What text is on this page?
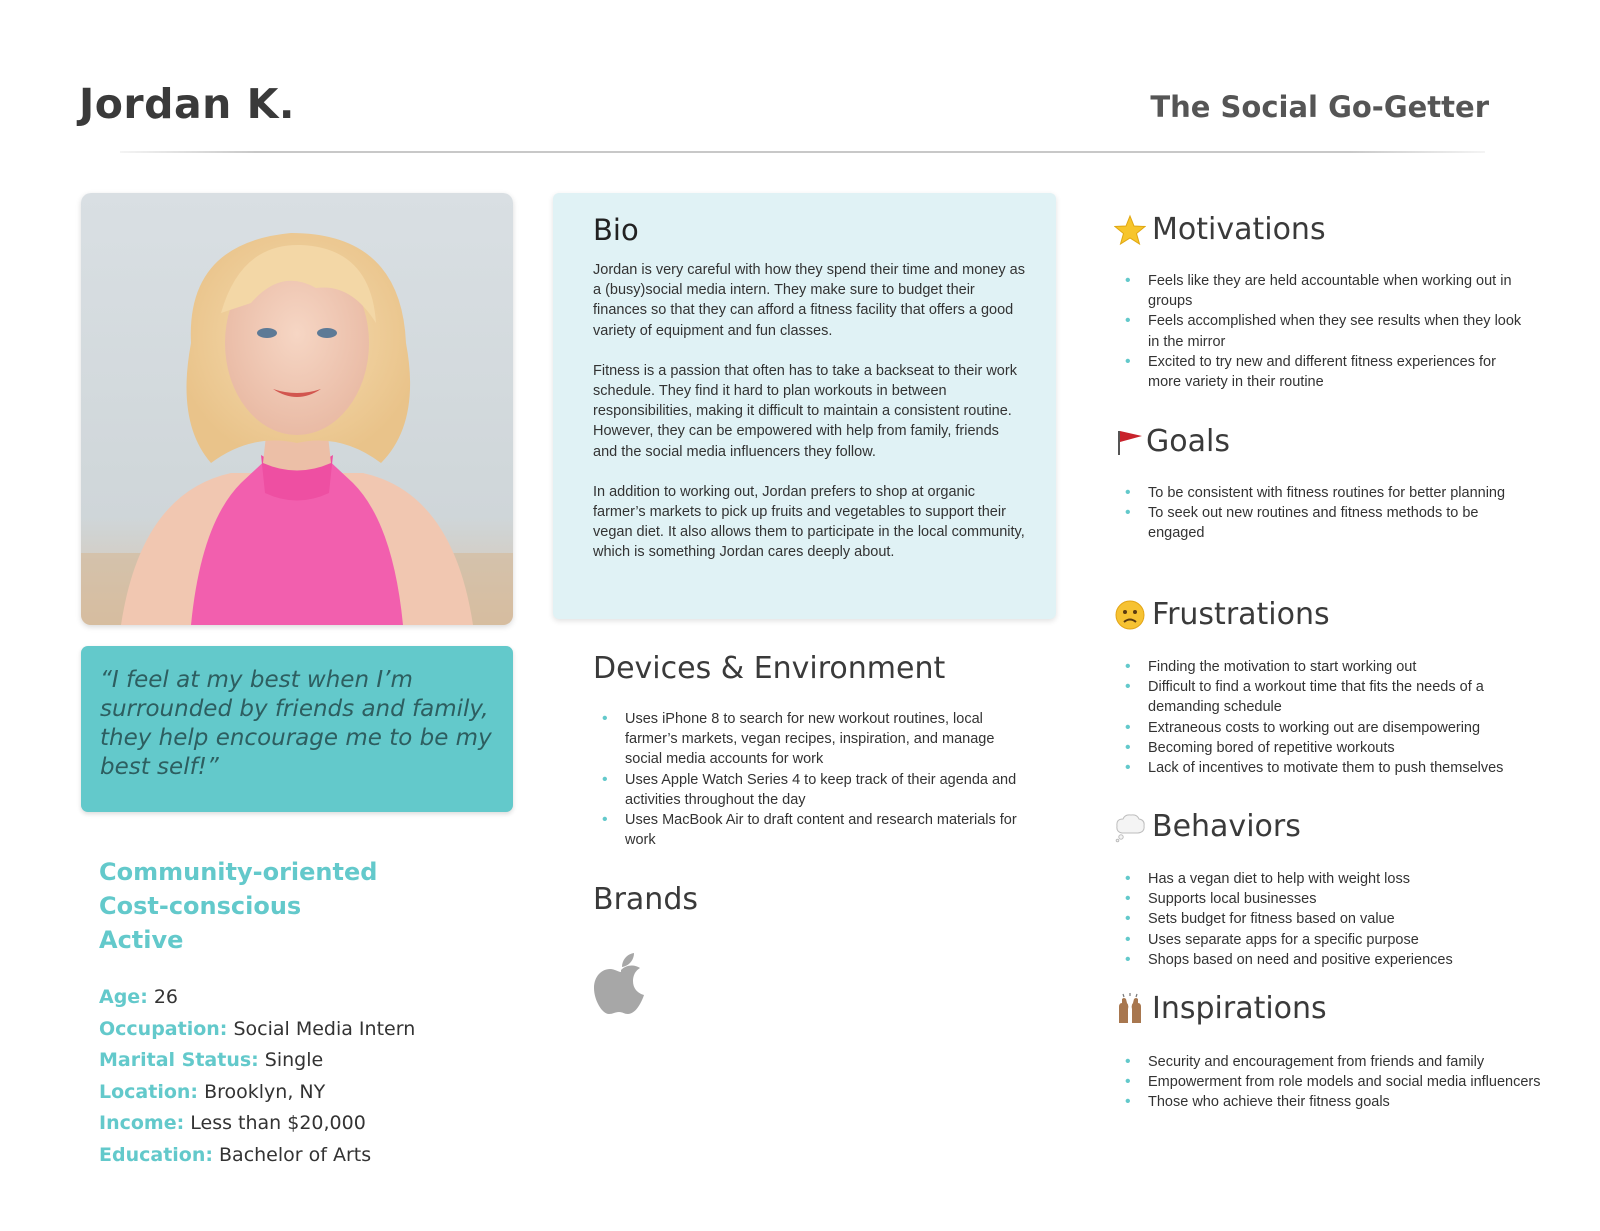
Jordan K.	The Social Go-Getter
“I feel at my best when I’m surrounded by friends and family, they help encourage me to be my best self!”
Community-oriented
Cost-conscious
Active
Age: 26
Occupation: Social Media Intern
Marital Status: Single
Location: Brooklyn, NY
Income: Less than $20,000
Education: Bachelor of Arts
Bio

Jordan is very careful with how they spend their time and money as a (busy)social media intern. They make sure to budget their finances so that they can afford a fitness facility that offers a good variety of equipment and fun classes.

Fitness is a passion that often has to take a backseat to their work schedule. They find it hard to plan workouts in between responsibilities, making it difficult to maintain a consistent routine. However, they can be empowered with help from family, friends and the social media influencers they follow.

In addition to working out, Jordan prefers to shop at organic farmer’s markets to pick up fruits and vegetables to support their vegan diet. It also allows them to participate in the local community, which is something Jordan cares deeply about.

Devices & Environment
• Uses iPhone 8 to search for new workout routines, local farmer’s markets, vegan recipes, inspiration, and manage social media accounts for work
• Uses Apple Watch Series 4 to keep track of their agenda and activities throughout the day
• Uses MacBook Air to draft content and research materials for work
Brands
Motivations
• Feels like they are held accountable when working out in groups
• Feels accomplished when they see results when they look in the mirror
• Excited to try new and different fitness experiences for more variety in their routine
Goals
• To be consistent with fitness routines for better planning
• To seek out new routines and fitness methods to be engaged
Frustrations
• Finding the motivation to start working out
• Difficult to find a workout time that fits the needs of a demanding schedule
• Extraneous costs to working out are disempowering
• Becoming bored of repetitive workouts
• Lack of incentives to motivate them to push themselves
Behaviors
• Has a vegan diet to help with weight loss
• Supports local businesses
• Sets budget for fitness based on value
• Uses separate apps for a specific purpose
• Shops based on need and positive experiences
Inspirations
• Security and encouragement from friends and family
• Empowerment from role models and social media influencers
• Those who achieve their fitness goals
